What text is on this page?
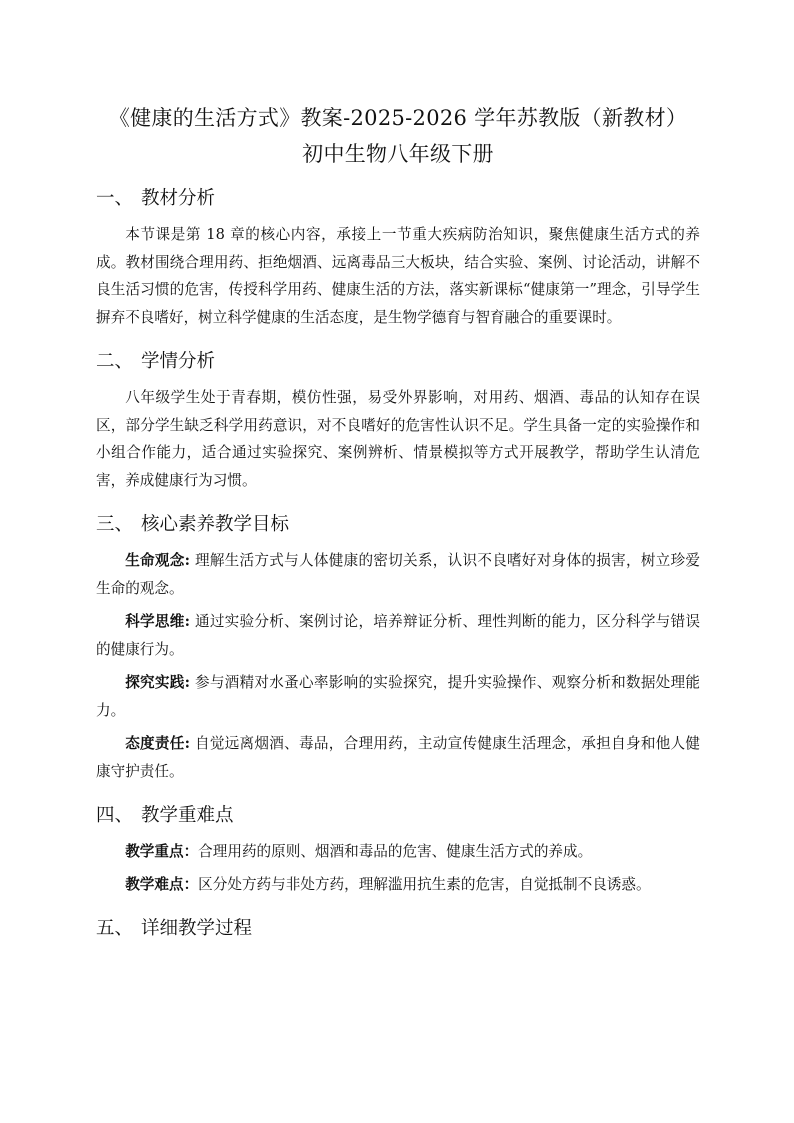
《健康的生活方式》教案-2025-2026 学年苏教版（新教材）
初中生物八年级下册
一、 教材分析

本节课是第 18 章的核心内容，承接上一节重大疾病防治知识，聚焦健康生活方式的养成。教材围绕合理用药、拒绝烟酒、远离毒品三大板块，结合实验、案例、讨论活动，讲解不良生活习惯的危害，传授科学用药、健康生活的方法，落实新课标“健康第一”理念，引导学生摒弃不良嗜好，树立科学健康的生活态度，是生物学德育与智育融合的重要课时。

二、 学情分析

八年级学生处于青春期，模仿性强，易受外界影响，对用药、烟酒、毒品的认知存在误区，部分学生缺乏科学用药意识，对不良嗜好的危害性认识不足。学生具备一定的实验操作和小组合作能力，适合通过实验探究、案例辨析、情景模拟等方式开展教学，帮助学生认清危害，养成健康行为习惯。

三、 核心素养教学目标

生命观念: 理解生活方式与人体健康的密切关系，认识不良嗜好对身体的损害，树立珍爱生命的观念。

科学思维: 通过实验分析、案例讨论，培养辩证分析、理性判断的能力，区分科学与错误的健康行为。

探究实践: 参与酒精对水蚤心率影响的实验探究，提升实验操作、观察分析和数据处理能力。

态度责任: 自觉远离烟酒、毒品，合理用药，主动宣传健康生活理念，承担自身和他人健康守护责任。

四、 教学重难点

教学重点：合理用药的原则、烟酒和毒品的危害、健康生活方式的养成。

教学难点：区分处方药与非处方药，理解滥用抗生素的危害，自觉抵制不良诱惑。

五、 详细教学过程
